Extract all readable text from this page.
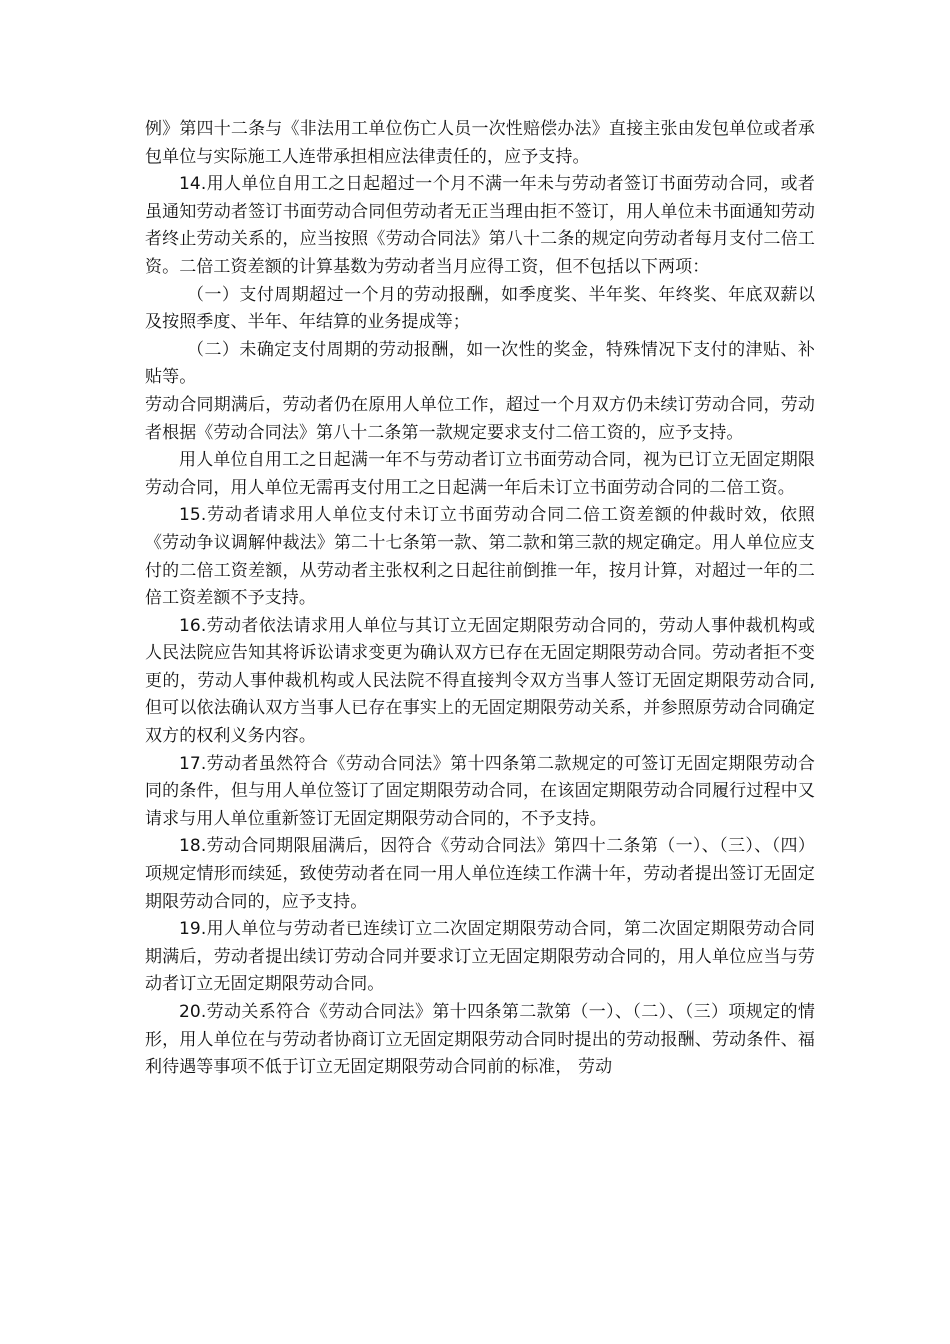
例》第四十二条与《非法用工单位伤亡人员一次性赔偿办法》直接主张由发包单位或者承包单位与实际施工人连带承担相应法律责任的，应予支持。

14.用人单位自用工之日起超过一个月不满一年未与劳动者签订书面劳动合同，或者虽通知劳动者签订书面劳动合同但劳动者无正当理由拒不签订，用人单位未书面通知劳动者终止劳动关系的，应当按照《劳动合同法》第八十二条的规定向劳动者每月支付二倍工资。二倍工资差额的计算基数为劳动者当月应得工资，但不包括以下两项：

（一）支付周期超过一个月的劳动报酬，如季度奖、半年奖、年终奖、年底双薪以及按照季度、半年、年结算的业务提成等；

（二）未确定支付周期的劳动报酬，如一次性的奖金，特殊情况下支付的津贴、补贴等。

劳动合同期满后，劳动者仍在原用人单位工作，超过一个月双方仍未续订劳动合同，劳动者根据《劳动合同法》第八十二条第一款规定要求支付二倍工资的，应予支持。

用人单位自用工之日起满一年不与劳动者订立书面劳动合同，视为已订立无固定期限劳动合同，用人单位无需再支付用工之日起满一年后未订立书面劳动合同的二倍工资。

15.劳动者请求用人单位支付未订立书面劳动合同二倍工资差额的仲裁时效，依照《劳动争议调解仲裁法》第二十七条第一款、第二款和第三款的规定确定。用人单位应支付的二倍工资差额，从劳动者主张权利之日起往前倒推一年，按月计算，对超过一年的二倍工资差额不予支持。

16.劳动者依法请求用人单位与其订立无固定期限劳动合同的，劳动人事仲裁机构或人民法院应告知其将诉讼请求变更为确认双方已存在无固定期限劳动合同。劳动者拒不变更的，劳动人事仲裁机构或人民法院不得直接判令双方当事人签订无固定期限劳动合同,但可以依法确认双方当事人已存在事实上的无固定期限劳动关系，并参照原劳动合同确定双方的权利义务内容。

17.劳动者虽然符合《劳动合同法》第十四条第二款规定的可签订无固定期限劳动合同的条件，但与用人单位签订了固定期限劳动合同，在该固定期限劳动合同履行过程中又请求与用人单位重新签订无固定期限劳动合同的，不予支持。

18.劳动合同期限届满后，因符合《劳动合同法》第四十二条第（一）、（三）、（四）项规定情形而续延，致使劳动者在同一用人单位连续工作满十年，劳动者提出签订无固定期限劳动合同的，应予支持。

19.用人单位与劳动者已连续订立二次固定期限劳动合同，第二次固定期限劳动合同期满后，劳动者提出续订劳动合同并要求订立无固定期限劳动合同的，用人单位应当与劳动者订立无固定期限劳动合同。

20.劳动关系符合《劳动合同法》第十四条第二款第（一）、（二）、（三）项规定的情形，用人单位在与劳动者协商订立无固定期限劳动合同时提出的劳动报酬、劳动条件、福利待遇等事项不低于订立无固定期限劳动合同前的标准， 劳动
